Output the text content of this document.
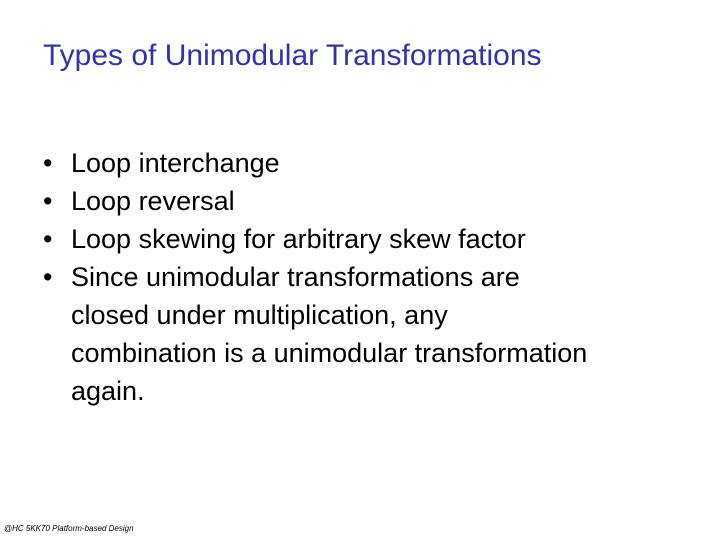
Types of Unimodular Transformations
• Loop interchange
• Loop reversal
• Loop skewing for arbitrary skew factor
• Since unimodular transformations are
closed under multiplication, any
combination is a unimodular transformation
again.
@HC 5KK70 Platform-based Design
